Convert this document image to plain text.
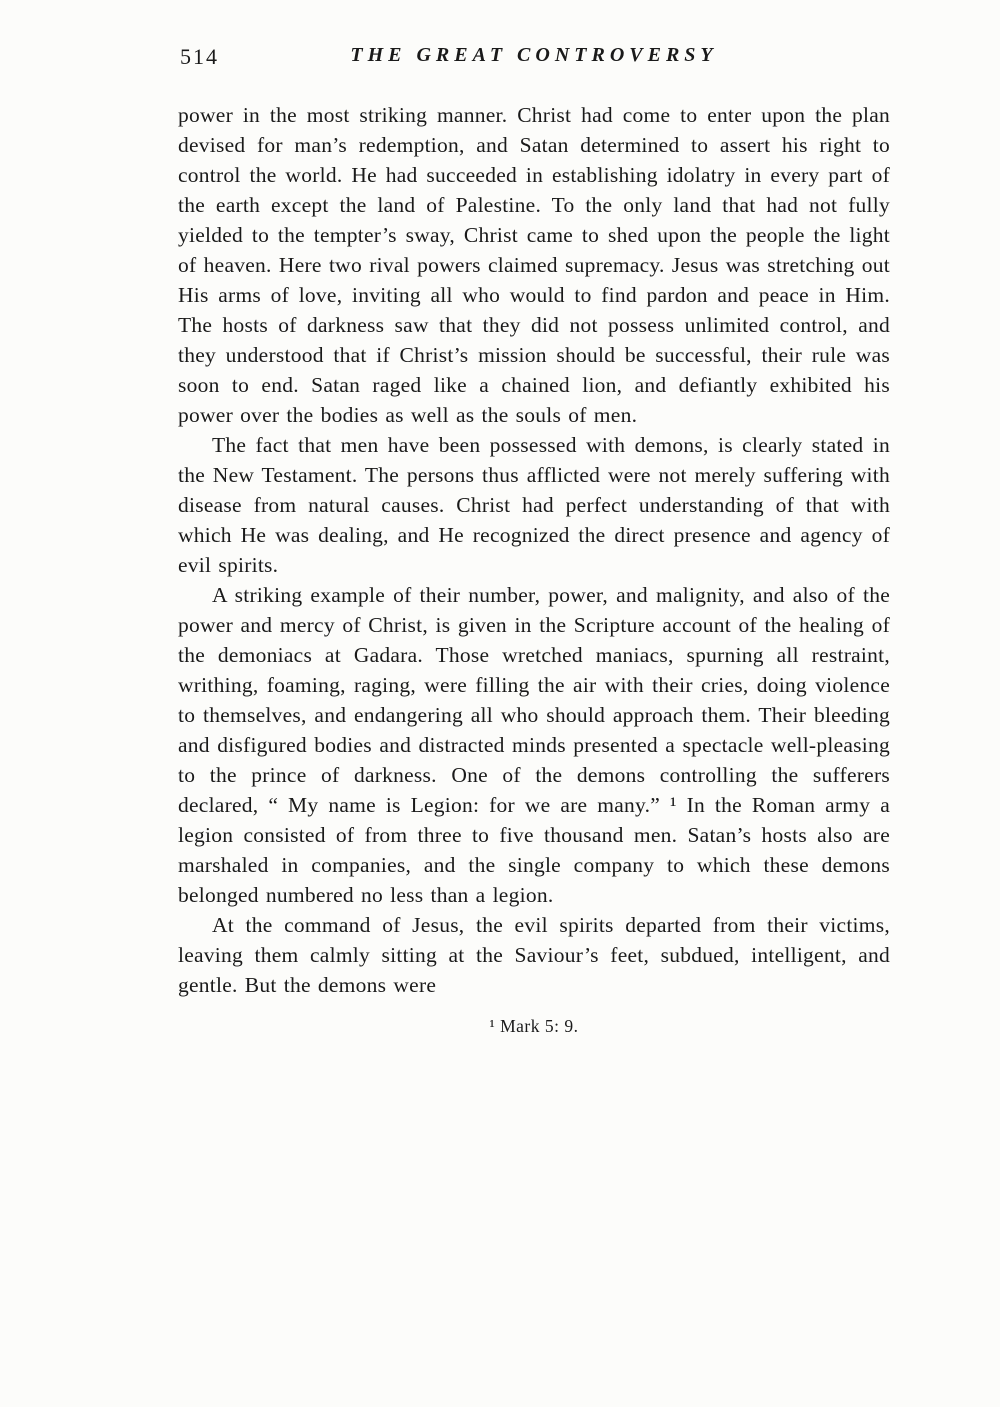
514	THE GREAT CONTROVERSY

power in the most striking manner. Christ had come to enter upon the plan devised for man’s redemption, and Satan determined to assert his right to control the world. He had succeeded in establishing idolatry in every part of the earth except the land of Palestine. To the only land that had not fully yielded to the tempter’s sway, Christ came to shed upon the people the light of heaven. Here two rival powers claimed supremacy. Jesus was stretching out His arms of love, inviting all who would to find pardon and peace in Him. The hosts of darkness saw that they did not possess unlimited control, and they understood that if Christ’s mission should be successful, their rule was soon to end. Satan raged like a chained lion, and defiantly exhibited his power over the bodies as well as the souls of men.

The fact that men have been possessed with demons, is clearly stated in the New Testament. The persons thus afflicted were not merely suffering with disease from natural causes. Christ had perfect understanding of that with which He was dealing, and He recognized the direct presence and agency of evil spirits.

A striking example of their number, power, and malignity, and also of the power and mercy of Christ, is given in the Scripture account of the healing of the demoniacs at Gadara. Those wretched maniacs, spurning all restraint, writhing, foaming, raging, were filling the air with their cries, doing violence to themselves, and endangering all who should approach them. Their bleeding and disfigured bodies and distracted minds presented a spectacle well-pleasing to the prince of darkness. One of the demons controlling the sufferers declared, “ My name is Legion: for we are many.” ¹ In the Roman army a legion consisted of from three to five thousand men. Satan’s hosts also are marshaled in companies, and the single company to which these demons belonged numbered no less than a legion.

At the command of Jesus, the evil spirits departed from their victims, leaving them calmly sitting at the Saviour’s feet, subdued, intelligent, and gentle. But the demons were

¹ Mark 5: 9.
